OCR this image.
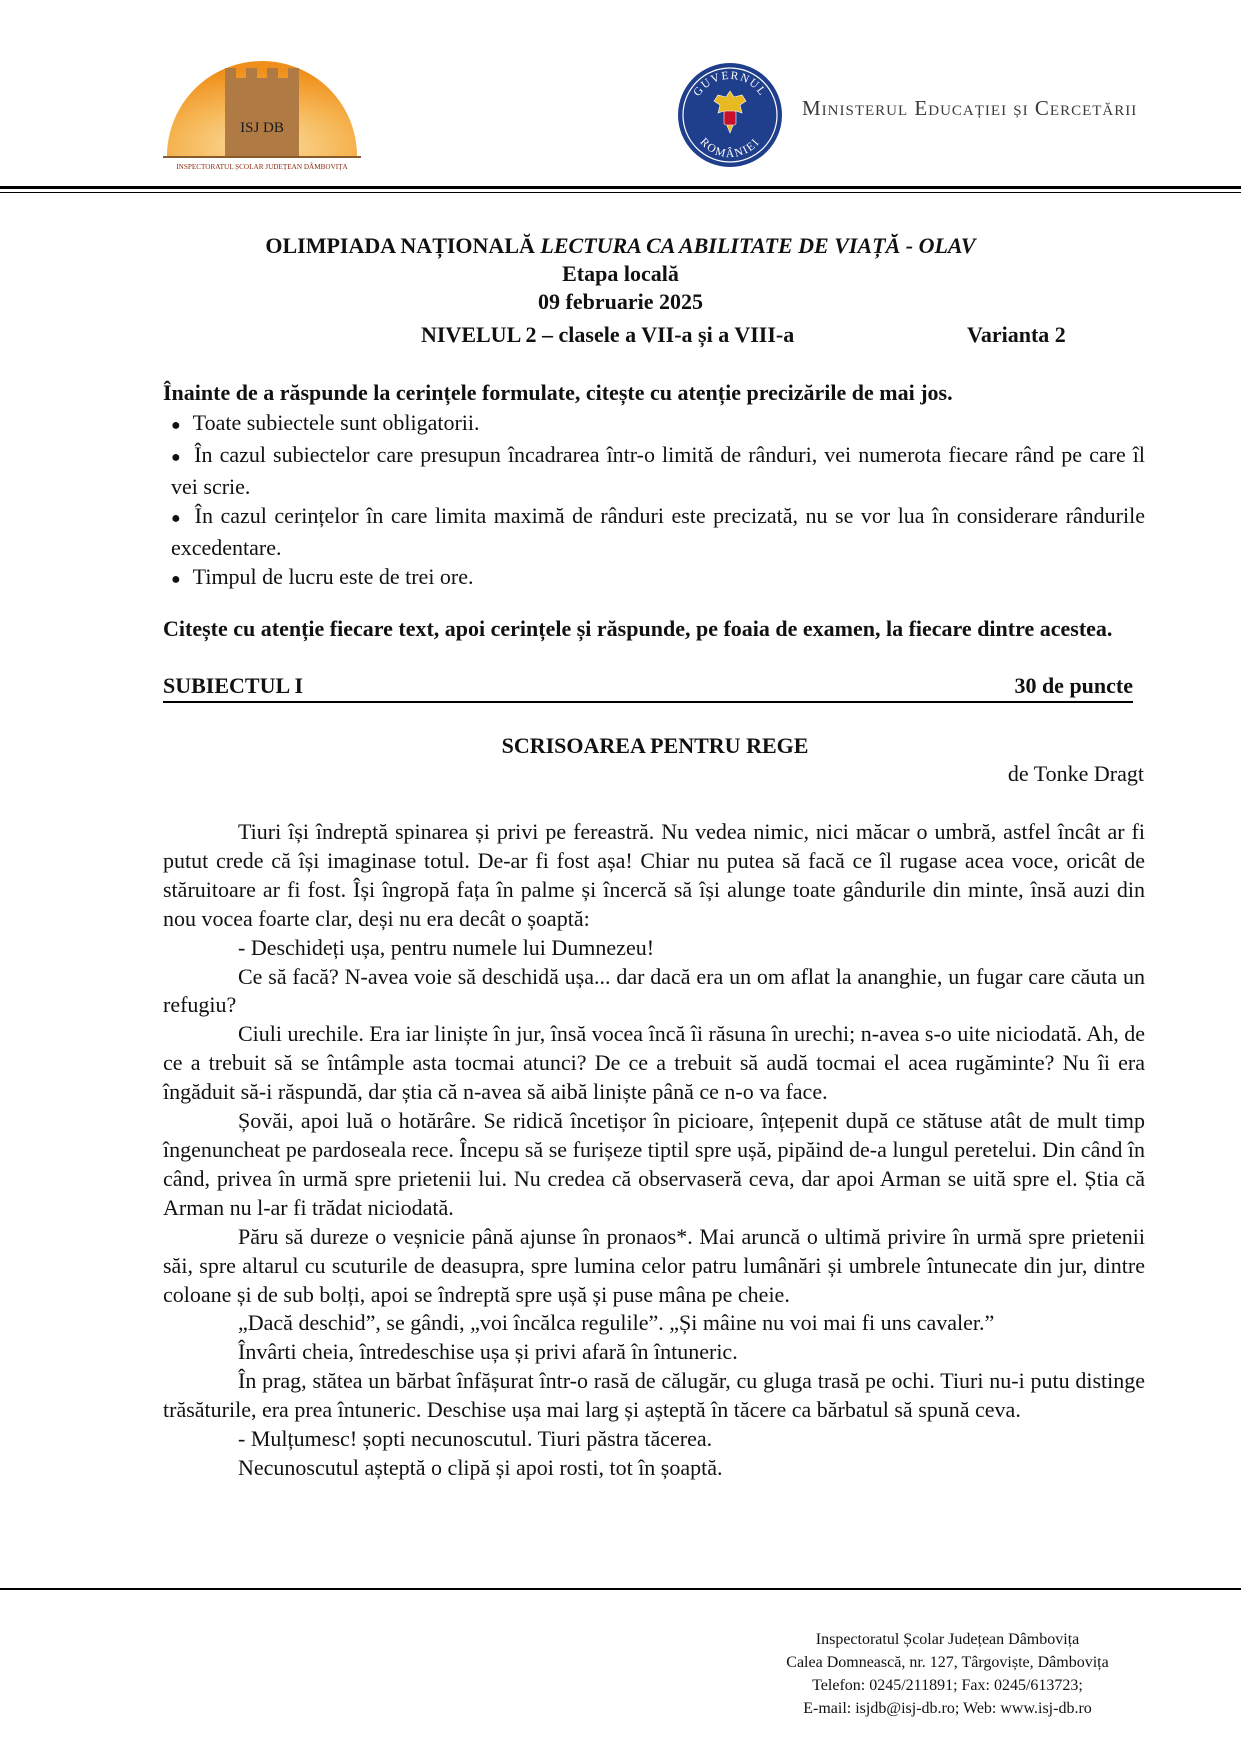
ISJ DB
INSPECTORATUL ȘCOLAR JUDEȚEAN DÂMBOVIȚA
GUVERNUL
ROMÂNIEI
Ministerul Educației și Cercetării
OLIMPIADA NAȚIONALĂ LECTURA CA ABILITATE DE VIAȚĂ - OLAV
Etapa locală
09 februarie 2025
NIVELUL 2 – clasele a VII-a și a VIII-a	Varianta 2
Înainte de a răspunde la cerințele formulate, citește cu atenție precizările de mai jos.
● Toate subiectele sunt obligatorii.
● În cazul subiectelor care presupun încadrarea într-o limită de rânduri, vei numerota fiecare rând pe care îl vei scrie.
● În cazul cerințelor în care limita maximă de rânduri este precizată, nu se vor lua în considerare rândurile excedentare.
● Timpul de lucru este de trei ore.
Citește cu atenție fiecare text, apoi cerințele și răspunde, pe foaia de examen, la fiecare dintre acestea.
SUBIECTUL I	30 de puncte
SCRISOAREA PENTRU REGE
de Tonke Dragt

Tiuri își îndreptă spinarea și privi pe fereastră. Nu vedea nimic, nici măcar o umbră, astfel încât ar fi putut crede că își imaginase totul. De-ar fi fost așa! Chiar nu putea să facă ce îl rugase acea voce, oricât de stăruitoare ar fi fost. Își îngropă fața în palme și încercă să își alunge toate gândurile din minte, însă auzi din nou vocea foarte clar, deși nu era decât o șoaptă:

- Deschideți ușa, pentru numele lui Dumnezeu!

Ce să facă? N-avea voie să deschidă ușa... dar dacă era un om aflat la ananghie, un fugar care căuta un refugiu?

Ciuli urechile. Era iar liniște în jur, însă vocea încă îi răsuna în urechi; n-avea s-o uite niciodată. Ah, de ce a trebuit să se întâmple asta tocmai atunci? De ce a trebuit să audă tocmai el acea rugăminte? Nu îi era îngăduit să-i răspundă, dar știa că n-avea să aibă liniște până ce n-o va face.

Șovăi, apoi luă o hotărâre. Se ridică încetișor în picioare, înțepenit după ce stătuse atât de mult timp îngenuncheat pe pardoseala rece. Începu să se furișeze tiptil spre ușă, pipăind de-a lungul peretelui. Din când în când, privea în urmă spre prietenii lui. Nu credea că observaseră ceva, dar apoi Arman se uită spre el. Știa că Arman nu l-ar fi trădat niciodată.

Păru să dureze o veșnicie până ajunse în pronaos*. Mai aruncă o ultimă privire în urmă spre prietenii săi, spre altarul cu scuturile de deasupra, spre lumina celor patru lumânări și umbrele întunecate din jur, dintre coloane și de sub bolți, apoi se îndreptă spre ușă și puse mâna pe cheie.

„Dacă deschid”, se gândi, „voi încălca regulile”. „Și mâine nu voi mai fi uns cavaler.”

Învârti cheia, întredeschise ușa și privi afară în întuneric.

În prag, stătea un bărbat înfășurat într-o rasă de călugăr, cu gluga trasă pe ochi. Tiuri nu-i putu distinge trăsăturile, era prea întuneric. Deschise ușa mai larg și așteptă în tăcere ca bărbatul să spună ceva.

- Mulțumesc! șopti necunoscutul. Tiuri păstra tăcerea.

Necunoscutul așteptă o clipă și apoi rosti, tot în șoaptă.

Inspectoratul Școlar Județean Dâmbovița
Calea Domnească, nr. 127, Târgoviște, Dâmbovița
Telefon: 0245/211891; Fax: 0245/613723;
E-mail: isjdb@isj-db.ro; Web: www.isj-db.ro
